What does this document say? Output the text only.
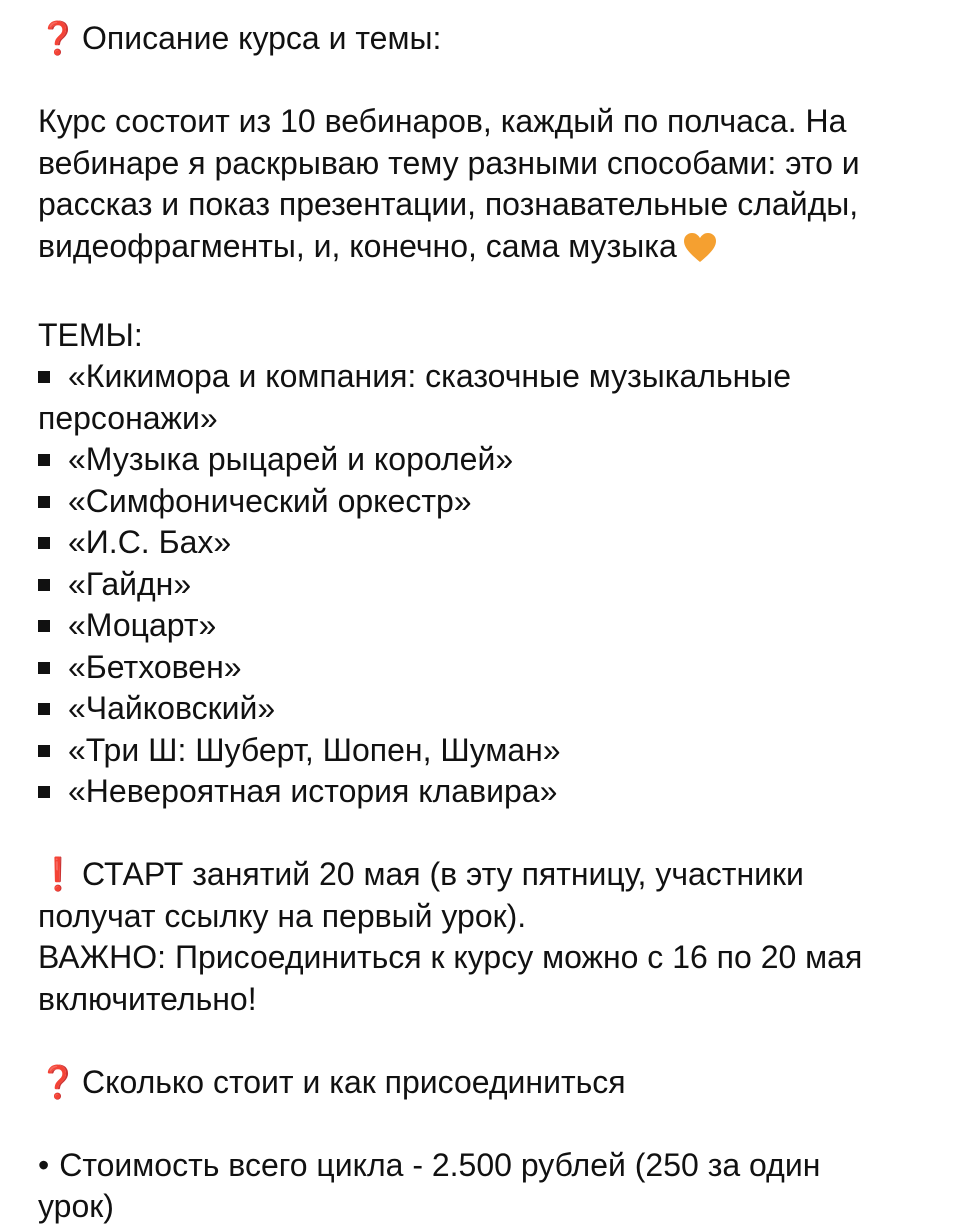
❓ Описание курса и темы:

Курс состоит из 10 вебинаров, каждый по полчаса. На вебинаре я раскрываю тему разными способами: это и рассказ и показ презентации, познавательные слайды, видеофрагменты, и, конечно, сама музыка

ТЕМЫ:

«Кикимора и компания: сказочные музыкальные персонажи»
«Музыка рыцарей и королей»
«Симфонический оркестр»
«И.С. Бах»
«Гайдн»
«Моцарт»
«Бетховен»
«Чайковский»
«Три Ш: Шуберт, Шопен, Шуман»
«Невероятная история клавира»

❗ СТАРТ занятий 20 мая (в эту пятницу, участники получат ссылку на первый урок).

ВАЖНО: Присоединиться к курсу можно с 16 по 20 мая включительно!

❓ Сколько стоит и как присоединиться

• Стоимость всего цикла - 2.500 рублей (250 за один урок)
